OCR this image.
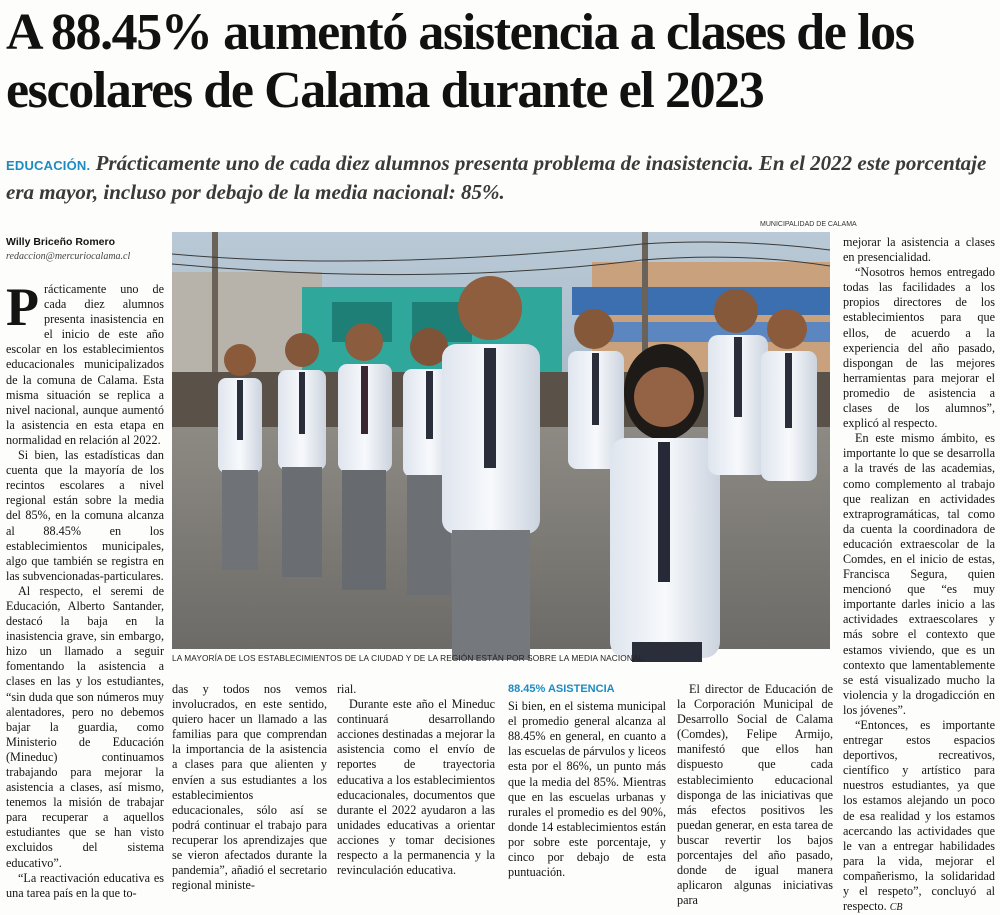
A 88.45% aumentó asistencia a clases de los escolares de Calama durante el 2023
EDUCACIÓN. Prácticamente uno de cada diez alumnos presenta problema de inasistencia. En el 2022 este porcentaje era mayor, incluso por debajo de la media nacional: 85%.
MUNICIPALIDAD DE CALAMA
Willy Briceño Romero
redaccion@mercuriocalama.cl

Prácticamente uno de cada diez alumnos presenta inasistencia en el inicio de este año escolar en los establecimientos educacionales municipalizados de la comuna de Calama. Esta misma situación se replica a nivel nacional, aunque aumentó la asistencia en esta etapa en normalidad en relación al 2022.

Si bien, las estadísticas dan cuenta que la mayoría de los recintos escolares a nivel regional están sobre la media del 85%, en la comuna alcanza al 88.45% en los establecimientos municipales, algo que también se registra en las subvencionadas-particulares.

Al respecto, el seremi de Educación, Alberto Santander, destacó la baja en la inasistencia grave, sin embargo, hizo un llamado a seguir fomentando la asistencia a clases en las y los estudiantes, “sin duda que son números muy alentadores, pero no debemos bajar la guardia, como Ministerio de Educación (Mineduc) continuamos trabajando para mejorar la asistencia a clases, así mismo, tenemos la misión de trabajar para recuperar a aquellos estudiantes que se han visto excluidos del sistema educativo”.

“La reactivación educativa es una tarea país en la que to-

LA MAYORÍA DE LOS ESTABLECIMIENTOS DE LA CIUDAD Y DE LA REGIÓN ESTÁN POR SOBRE LA MEDIA NACIONAL.

das y todos nos vemos involucrados, en este sentido, quiero hacer un llamado a las familias para que comprendan la importancia de la asistencia a clases para que alienten y envíen a sus estudiantes a los establecimientos educacionales, sólo así se podrá continuar el trabajo para recuperar los aprendizajes que se vieron afectados durante la pandemia”, añadió el secretario regional ministe-

rial.

Durante este año el Mineduc continuará desarrollando acciones destinadas a mejorar la asistencia como el envío de reportes de trayectoria educativa a los establecimientos educacionales, documentos que durante el 2022 ayudaron a las unidades educativas a orientar acciones y tomar decisiones respecto a la permanencia y la revinculación educativa.

88.45% ASISTENCIA

Si bien, en el sistema municipal el promedio general alcanza al 88.45% en general, en cuanto a las escuelas de párvulos y liceos esta por el 86%, un punto más que la media del 85%. Mientras que en las escuelas urbanas y rurales el promedio es del 90%, donde 14 establecimientos están por sobre este porcentaje, y cinco por debajo de esta puntuación.

El director de Educación de la Corporación Municipal de Desarrollo Social de Calama (Comdes), Felipe Armijo, manifestó que ellos han dispuesto que cada establecimiento educacional disponga de las iniciativas que más efectos positivos les puedan generar, en esta tarea de buscar revertir los bajos porcentajes del año pasado, donde de igual manera aplicaron algunas iniciativas para

mejorar la asistencia a clases en presencialidad.

“Nosotros hemos entregado todas las facilidades a los propios directores de los establecimientos para que ellos, de acuerdo a la experiencia del año pasado, dispongan de las mejores herramientas para mejorar el promedio de asistencia a clases de los alumnos”, explicó al respecto.

En este mismo ámbito, es importante lo que se desarrolla a la través de las academias, como complemento al trabajo que realizan en actividades extraprogramáticas, tal como da cuenta la coordinadora de educación extraescolar de la Comdes, en el inicio de estas, Francisca Segura, quien mencionó que “es muy importante darles inicio a las actividades extraescolares y más sobre el contexto que estamos viviendo, que es un contexto que lamentablemente se está visualizado mucho la violencia y la drogadicción en los jóvenes”.

“Entonces, es importante entregar estos espacios deportivos, recreativos, científico y artístico para nuestros estudiantes, ya que los estamos alejando un poco de esa realidad y los estamos acercando las actividades que le van a entregar habilidades para la vida, mejorar el compañerismo, la solidaridad y el respeto”, concluyó al respecto. CB
